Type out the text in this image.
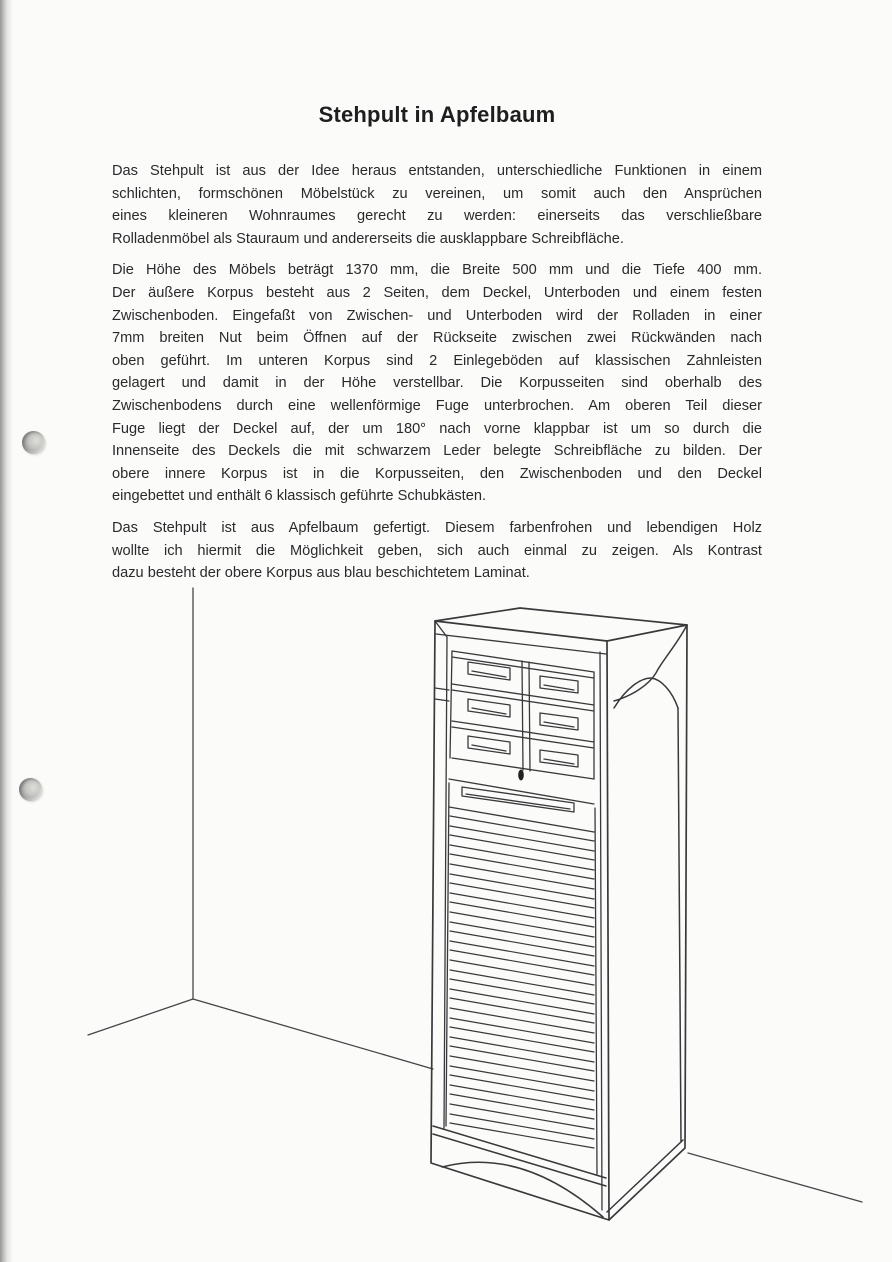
Stehpult in Apfelbaum
Das Stehpult ist aus der Idee heraus entstanden, unterschiedliche Funktionen in einem
schlichten, formschönen Möbelstück zu vereinen, um somit auch den Ansprüchen
eines kleineren Wohnraumes gerecht zu werden: einerseits das verschließbare
Rolladenmöbel als Stauraum und andererseits die ausklappbare Schreibfläche.
Die Höhe des Möbels beträgt 1370 mm, die Breite 500 mm und die Tiefe 400 mm.
Der äußere Korpus besteht aus 2 Seiten, dem Deckel, Unterboden und einem festen
Zwischenboden. Eingefaßt von Zwischen- und Unterboden wird der Rolladen in einer
7mm breiten Nut beim Öffnen auf der Rückseite zwischen zwei Rückwänden nach
oben geführt. Im unteren Korpus sind 2 Einlegeböden auf klassischen Zahnleisten
gelagert und damit in der Höhe verstellbar. Die Korpusseiten sind oberhalb des
Zwischenbodens durch eine wellenförmige Fuge unterbrochen. Am oberen Teil dieser
Fuge liegt der Deckel auf, der um 180° nach vorne klappbar ist um so durch die
Innenseite des Deckels die mit schwarzem Leder belegte Schreibfläche zu bilden. Der
obere innere Korpus ist in die Korpusseiten, den Zwischenboden und den Deckel
eingebettet und enthält 6 klassisch geführte Schubkästen.
Das Stehpult ist aus Apfelbaum gefertigt. Diesem farbenfrohen und lebendigen Holz
wollte ich hiermit die Möglichkeit geben, sich auch einmal zu zeigen. Als Kontrast
dazu besteht der obere Korpus aus blau beschichtetem Laminat.
